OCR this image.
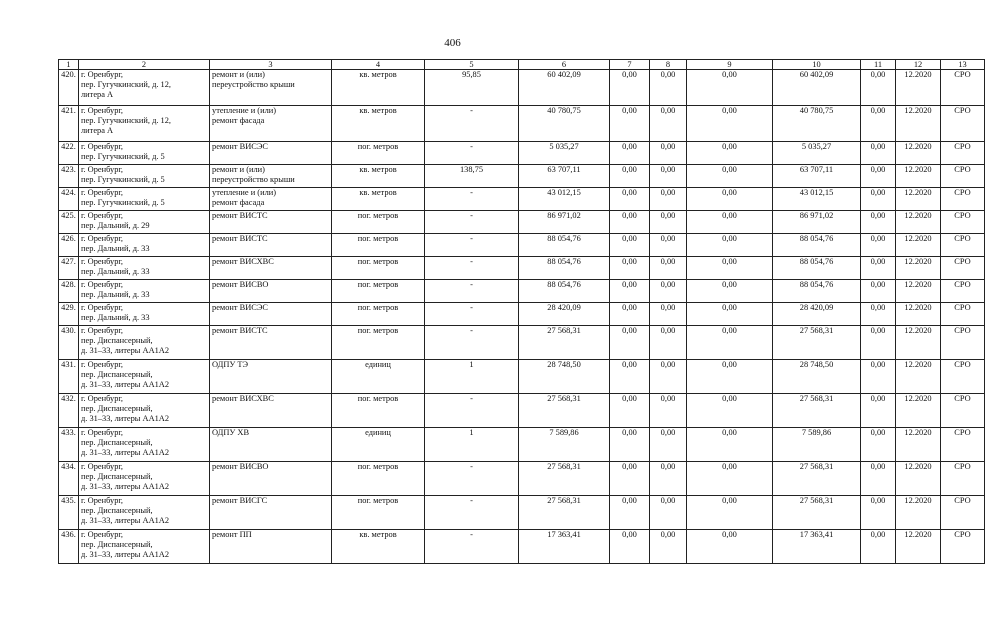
406
1	2	3	4	5	6	7	8	9	10	11	12	13
420.	г. Оренбург,
пер. Гугучкинский, д. 12,
литера А	ремонт и (или)
переустройство крыши	кв. метров	95,85	60 402,09	0,00	0,00	0,00	60 402,09	0,00	12.2020	СРО
421.	г. Оренбург,
пер. Гугучкинский, д. 12,
литера А	утепление и (или)
ремонт фасада	кв. метров	-	40 780,75	0,00	0,00	0,00	40 780,75	0,00	12.2020	СРО
422.	г. Оренбург,
пер. Гугучкинский, д. 5	ремонт ВИСЭС	пог. метров	-	5 035,27	0,00	0,00	0,00	5 035,27	0,00	12.2020	СРО
423.	г. Оренбург,
пер. Гугучкинский, д. 5	ремонт и (или)
переустройство крыши	кв. метров	138,75	63 707,11	0,00	0,00	0,00	63 707,11	0,00	12.2020	СРО
424.	г. Оренбург,
пер. Гугучкинский, д. 5	утепление и (или)
ремонт фасада	кв. метров	-	43 012,15	0,00	0,00	0,00	43 012,15	0,00	12.2020	СРО
425.	г. Оренбург,
пер. Дальний, д. 29	ремонт ВИСТС	пог. метров	-	86 971,02	0,00	0,00	0,00	86 971,02	0,00	12.2020	СРО
426.	г. Оренбург,
пер. Дальний, д. 33	ремонт ВИСТС	пог. метров	-	88 054,76	0,00	0,00	0,00	88 054,76	0,00	12.2020	СРО
427.	г. Оренбург,
пер. Дальний, д. 33	ремонт ВИСХВС	пог. метров	-	88 054,76	0,00	0,00	0,00	88 054,76	0,00	12.2020	СРО
428.	г. Оренбург,
пер. Дальний, д. 33	ремонт ВИСВО	пог. метров	-	88 054,76	0,00	0,00	0,00	88 054,76	0,00	12.2020	СРО
429.	г. Оренбург,
пер. Дальний, д. 33	ремонт ВИСЭС	пог. метров	-	28 420,09	0,00	0,00	0,00	28 420,09	0,00	12.2020	СРО
430.	г. Оренбург,
пер. Диспансерный,
д. 31–33, литеры АА1А2	ремонт ВИСТС	пог. метров	-	27 568,31	0,00	0,00	0,00	27 568,31	0,00	12.2020	СРО
431.	г. Оренбург,
пер. Диспансерный,
д. 31–33, литеры АА1А2	ОДПУ ТЭ	единиц	1	28 748,50	0,00	0,00	0,00	28 748,50	0,00	12.2020	СРО
432.	г. Оренбург,
пер. Диспансерный,
д. 31–33, литеры АА1А2	ремонт ВИСХВС	пог. метров	-	27 568,31	0,00	0,00	0,00	27 568,31	0,00	12.2020	СРО
433.	г. Оренбург,
пер. Диспансерный,
д. 31–33, литеры АА1А2	ОДПУ ХВ	единиц	1	7 589,86	0,00	0,00	0,00	7 589,86	0,00	12.2020	СРО
434.	г. Оренбург,
пер. Диспансерный,
д. 31–33, литеры АА1А2	ремонт ВИСВО	пог. метров	-	27 568,31	0,00	0,00	0,00	27 568,31	0,00	12.2020	СРО
435.	г. Оренбург,
пер. Диспансерный,
д. 31–33, литеры АА1А2	ремонт ВИСГС	пог. метров	-	27 568,31	0,00	0,00	0,00	27 568,31	0,00	12.2020	СРО
436.	г. Оренбург,
пер. Диспансерный,
д. 31–33, литеры АА1А2	ремонт ПП	кв. метров	-	17 363,41	0,00	0,00	0,00	17 363,41	0,00	12.2020	СРО
